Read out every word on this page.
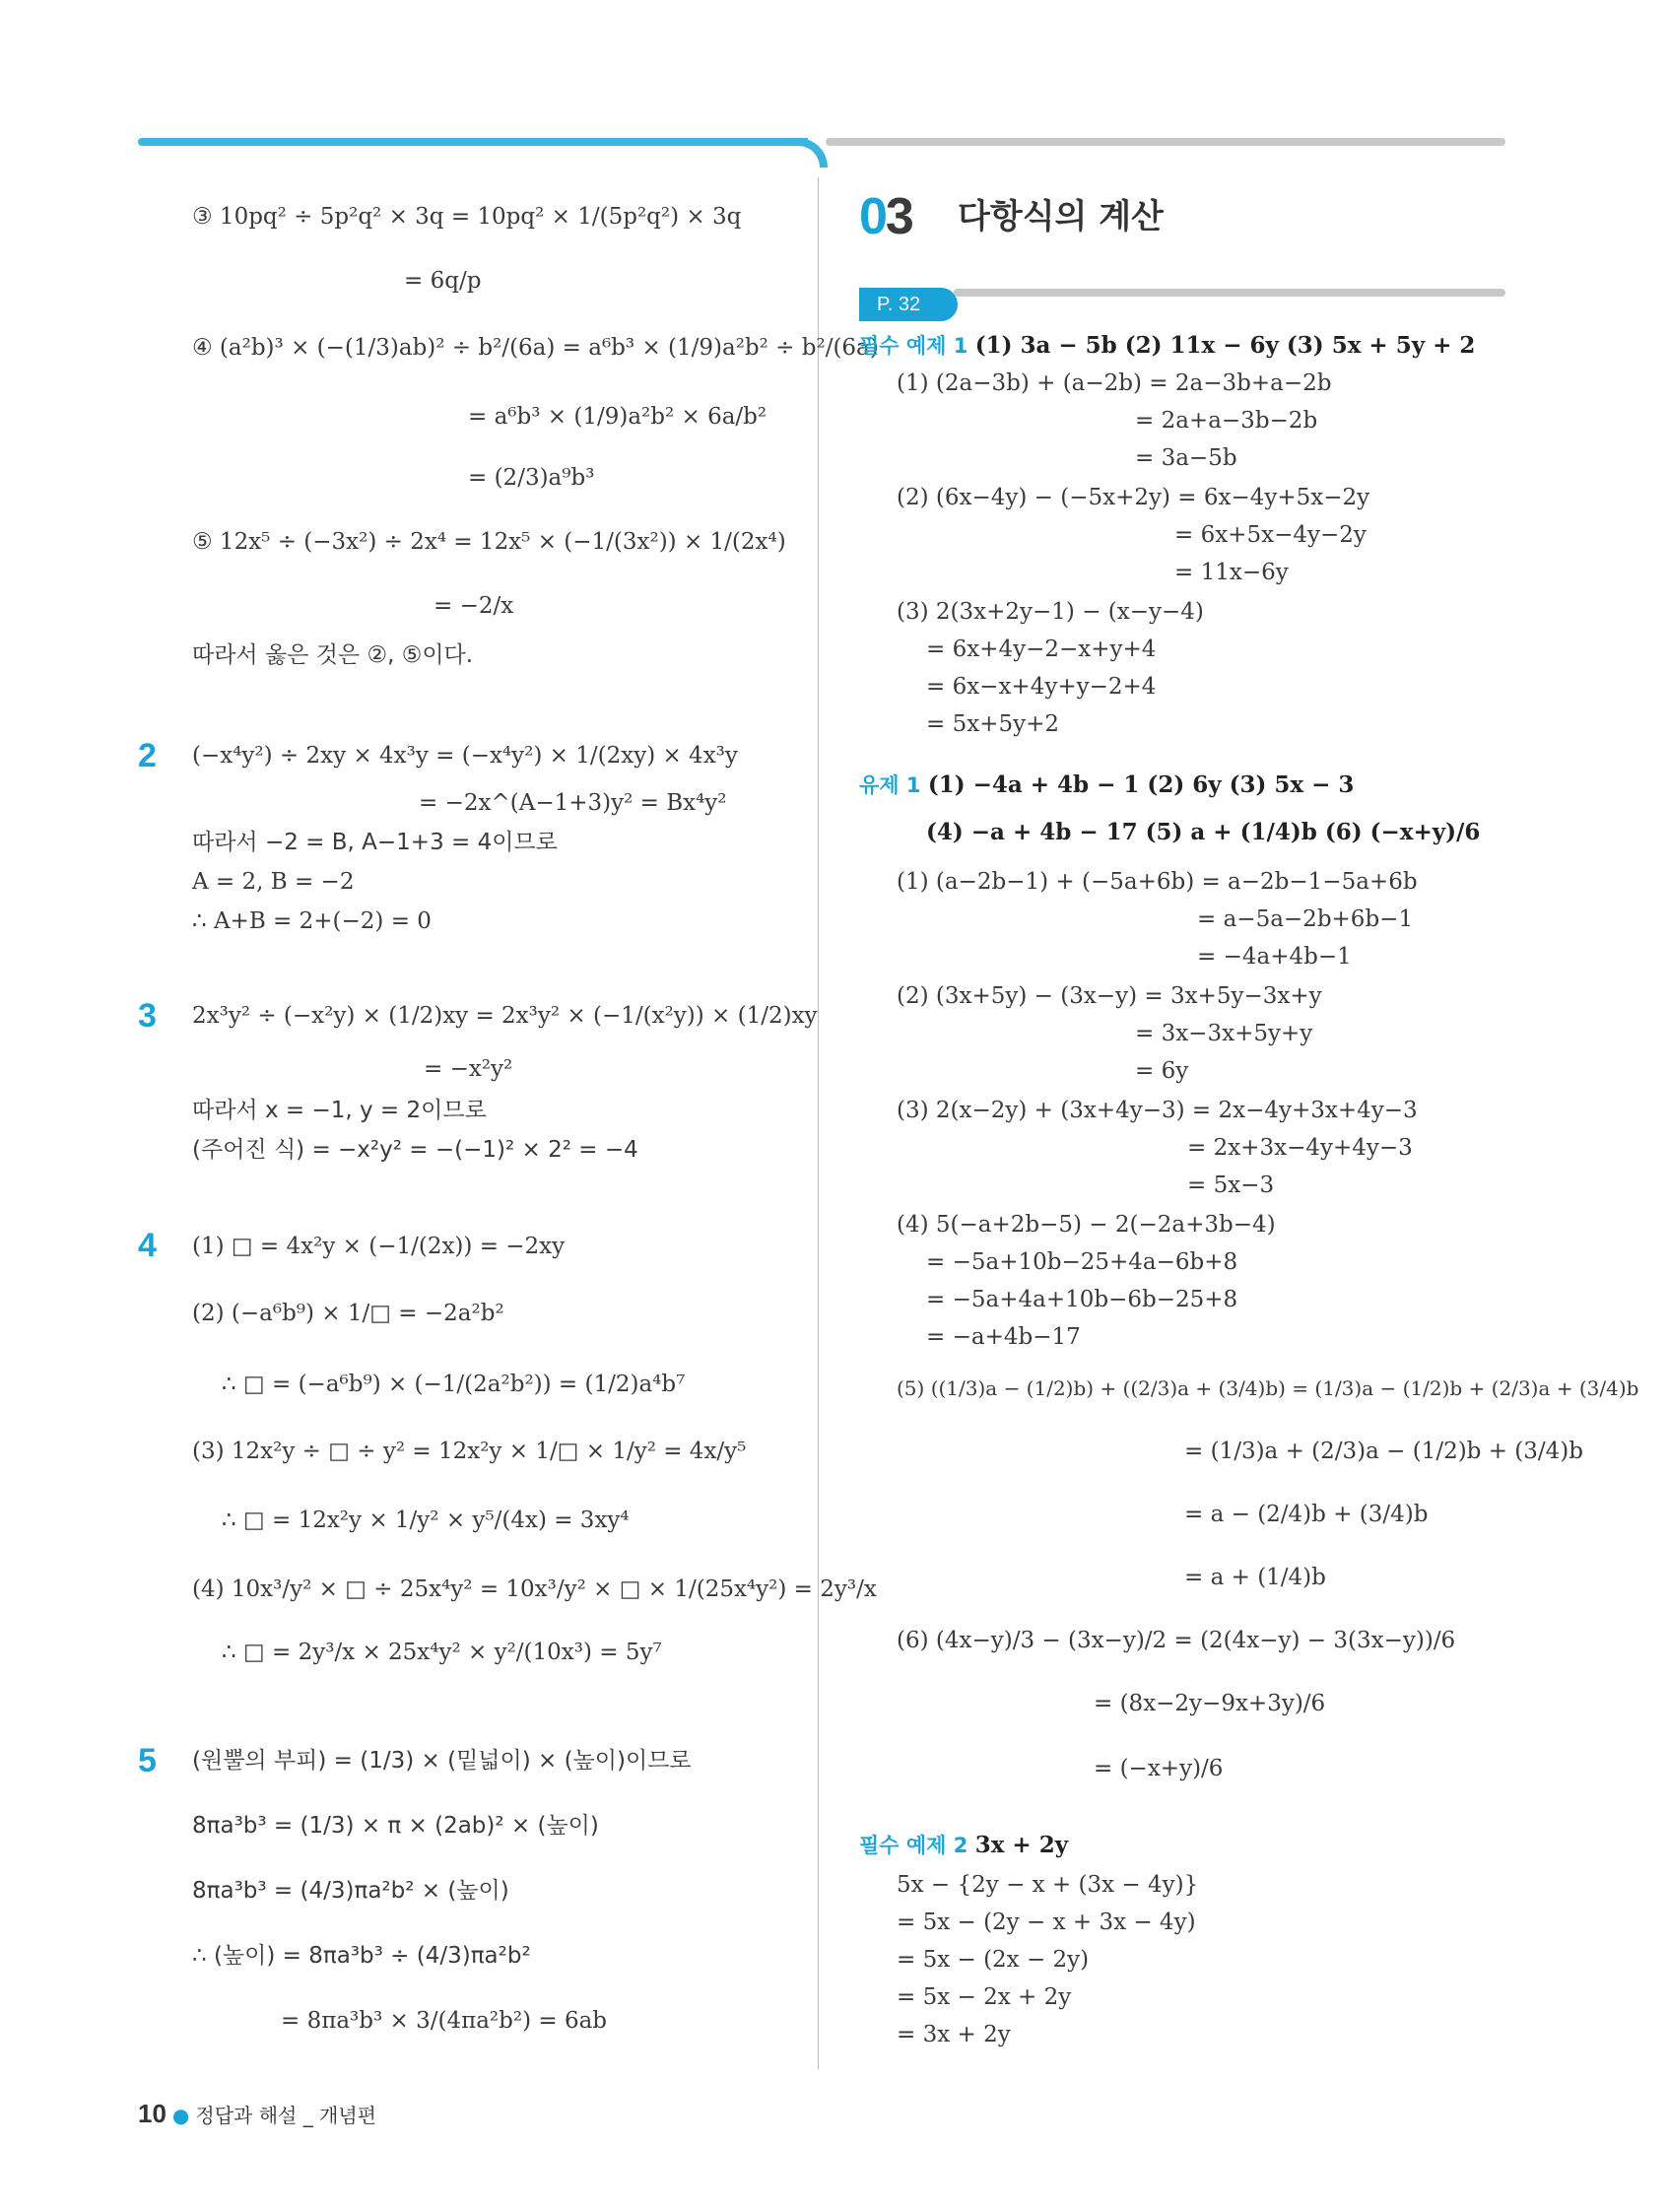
③ 10pq² ÷ 5p²q² × 3q = 10pq² × 1/(5p²q²) × 3q
= 6q/p
④ (a²b)³ × (−(1/3)ab)² ÷ b²/(6a) = a⁶b³ × (1/9)a²b² ÷ b²/(6a)
= a⁶b³ × (1/9)a²b² × 6a/b²
= (2/3)a⁹b³
⑤ 12x⁵ ÷ (−3x²) ÷ 2x⁴ = 12x⁵ × (−1/(3x²)) × 1/(2x⁴)
= −2/x
따라서 옳은 것은 ②, ⑤이다.
2 (−x⁴y²) ÷ 2xy × 4x³y = (−x⁴y²) × 1/(2xy) × 4x³y
= −2x^(A−1+3)y² = Bx⁴y²
따라서 −2 = B, A−1+3 = 4이므로
A = 2, B = −2
∴ A+B = 2+(−2) = 0
3 2x³y² ÷ (−x²y) × (1/2)xy = 2x³y² × (−1/(x²y)) × (1/2)xy
= −x²y²
따라서 x = −1, y = 2이므로
(주어진 식) = −x²y² = −(−1)² × 2² = −4
4 (1) □ = 4x²y × (−1/(2x)) = −2xy
(2) (−a⁶b⁹) × 1/□ = −2a²b²
∴ □ = (−a⁶b⁹) × (−1/(2a²b²)) = (1/2)a⁴b⁷
(3) 12x²y ÷ □ ÷ y² = 12x²y × 1/□ × 1/y² = 4x/y⁵
∴ □ = 12x²y × 1/y² × y⁵/(4x) = 3xy⁴
(4) 10x³/y² × □ ÷ 25x⁴y² = 10x³/y² × □ × 1/(25x⁴y²) = 2y³/x
∴ □ = 2y³/x × 25x⁴y² × y²/(10x³) = 5y⁷
5 (원뿔의 부피) = (1/3) × (밑넓이) × (높이)이므로
8πa³b³ = (1/3) × π × (2ab)² × (높이)
8πa³b³ = (4/3)πa²b² × (높이)
∴ (높이) = 8πa³b³ ÷ (4/3)πa²b²
= 8πa³b³ × 3/(4πa²b²) = 6ab
03 다항식의 계산
P. 32
필수 예제 1 (1) 3a − 5b (2) 11x − 6y (3) 5x + 5y + 2
(1) (2a−3b) + (a−2b) = 2a−3b+a−2b
= 2a+a−3b−2b
= 3a−5b
(2) (6x−4y) − (−5x+2y) = 6x−4y+5x−2y
= 6x+5x−4y−2y
= 11x−6y
(3) 2(3x+2y−1) − (x−y−4)
= 6x+4y−2−x+y+4
= 6x−x+4y+y−2+4
= 5x+5y+2
유제 1 (1) −4a + 4b − 1 (2) 6y (3) 5x − 3
(4) −a + 4b − 17 (5) a + (1/4)b (6) (−x+y)/6
(1) (a−2b−1) + (−5a+6b) = a−2b−1−5a+6b
= a−5a−2b+6b−1
= −4a+4b−1
(2) (3x+5y) − (3x−y) = 3x+5y−3x+y
= 3x−3x+5y+y
= 6y
(3) 2(x−2y) + (3x+4y−3) = 2x−4y+3x+4y−3
= 2x+3x−4y+4y−3
= 5x−3
(4) 5(−a+2b−5) − 2(−2a+3b−4)
= −5a+10b−25+4a−6b+8
= −5a+4a+10b−6b−25+8
= −a+4b−17
(5) ((1/3)a − (1/2)b) + ((2/3)a + (3/4)b) = (1/3)a − (1/2)b + (2/3)a + (3/4)b
= (1/3)a + (2/3)a − (1/2)b + (3/4)b
= a − (2/4)b + (3/4)b
= a + (1/4)b
(6) (4x−y)/3 − (3x−y)/2 = (2(4x−y) − 3(3x−y))/6
= (8x−2y−9x+3y)/6
= (−x+y)/6
필수 예제 2 3x + 2y
5x − {2y − x + (3x − 4y)}
= 5x − (2y − x + 3x − 4y)
= 5x − (2x − 2y)
= 5x − 2x + 2y
= 3x + 2y
10 ● 정답과 해설 _ 개념편
